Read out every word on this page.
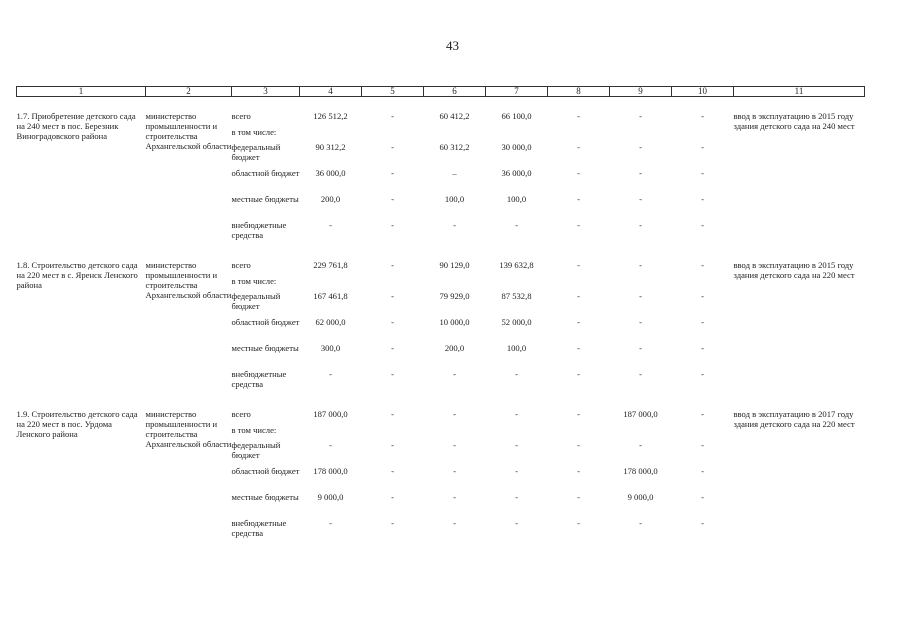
43
1	2	3	4	5	6	7	8	9	10	11

1.7. Приобретение детского сада на 240 мест в пос. Березник Виноградовского района	министерство промышленности и строительства Архангельской области	всего	126 512,2	-	60 412,2	66 100,0	-	-	-	ввод в эксплуатацию в 2015 году здания детского сада на 240 мест
		в том числе:								
		федеральный бюджет	90 312,2	-	60 312,2	30 000,0	-	-	-	
		областной бюджет	36 000,0	-	–	36 000,0	-	-	-	
		местные бюджеты	200,0	-	100,0	100,0	-	-	-	
		внебюджетные средства	-	-	-	-	-	-	-	

1.8. Строительство детского сада на 220 мест в с. Яренск Ленского района	министерство промышленности и строительства Архангельской области	всего	229 761,8	-	90 129,0	139 632,8	-	-	-	ввод в эксплуатацию в 2015 году здания детского сада на 220 мест
		в том числе:								
		федеральный бюджет	167 461,8	-	79 929,0	87 532,8	-	-	-	
		областной бюджет	62 000,0	-	10 000,0	52 000,0	-	-	-	
		местные бюджеты	300,0	-	200,0	100,0	-	-	-	
		внебюджетные средства	-	-	-	-	-	-	-	

1.9. Строительство детского сада на 220 мест в пос. Урдома Ленского района	министерство промышленности и строительства Архангельской области	всего	187 000,0	-	-	-	-	187 000,0	-	ввод в эксплуатацию в 2017 году здания детского сада на 220 мест
		в том числе:								
		федеральный бюджет	-	-	-	-	-	-	-	
		областной бюджет	178 000,0	-	-	-	-	178 000,0	-	
		местные бюджеты	9 000,0	-	-	-	-	9 000,0	-	
		внебюджетные средства	-	-	-	-	-	-	-	
